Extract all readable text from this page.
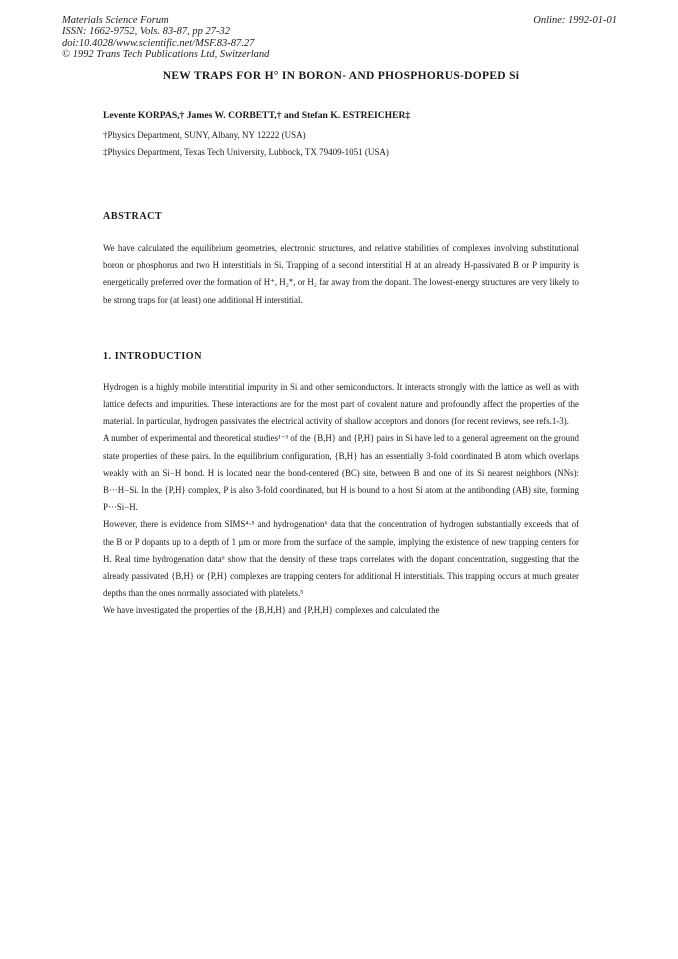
Materials Science Forum
ISSN: 1662-9752, Vols. 83-87, pp 27-32
doi:10.4028/www.scientific.net/MSF.83-87.27
© 1992 Trans Tech Publications Ltd, Switzerland
Online: 1992-01-01
NEW TRAPS FOR H° IN BORON- AND PHOSPHORUS-DOPED Si
Levente KORPAS,† James W. CORBETT,† and Stefan K. ESTREICHER‡
†Physics Department, SUNY, Albany, NY 12222 (USA)
‡Physics Department, Texas Tech University, Lubbock, TX 79409-1051 (USA)
ABSTRACT

We have calculated the equilibrium geometries, electronic structures, and relative stabilities of complexes involving substitutional boron or phosphorus and two H interstitials in Si. Trapping of a second interstitial H at an already H-passivated B or P impurity is energetically preferred over the formation of H⁺, H₂*, or H₂ far away from the dopant. The lowest-energy structures are very likely to be strong traps for (at least) one additional H interstitial.

1. INTRODUCTION

Hydrogen is a highly mobile interstitial impurity in Si and other semiconductors. It interacts strongly with the lattice as well as with lattice defects and impurities. These interactions are for the most part of covalent nature and profoundly affect the properties of the material. In particular, hydrogen passivates the electrical activity of shallow acceptors and donors (for recent reviews, see refs.1-3).

A number of experimental and theoretical studies¹⁻³ of the {B,H} and {P,H} pairs in Si have led to a general agreement on the ground state properties of these pairs. In the equilibrium configuration, {B,H} has an essentially 3-fold coordinated B atom which overlaps weakly with an Si−H bond. H is located near the bond-centered (BC) site, between B and one of its Si nearest neighbors (NNs): B···H−Si. In the {P,H} complex, P is also 3-fold coordinated, but H is bound to a host Si atom at the antibonding (AB) site, forming P···Si−H.

However, there is evidence from SIMS⁴·⁵ and hydrogenation⁶ data that the concentration of hydrogen substantially exceeds that of the B or P dopants up to a depth of 1 μm or more from the surface of the sample, implying the existence of new trapping centers for H. Real time hydrogenation data⁶ show that the density of these traps correlates with the dopant concentration, suggesting that the already passivated {B,H} or {P,H} complexes are trapping centers for additional H interstitials. This trapping occurs at much greater depths than the ones normally associated with platelets.⁵

We have investigated the properties of the {B,H,H} and {P,H,H} complexes and calculated the
